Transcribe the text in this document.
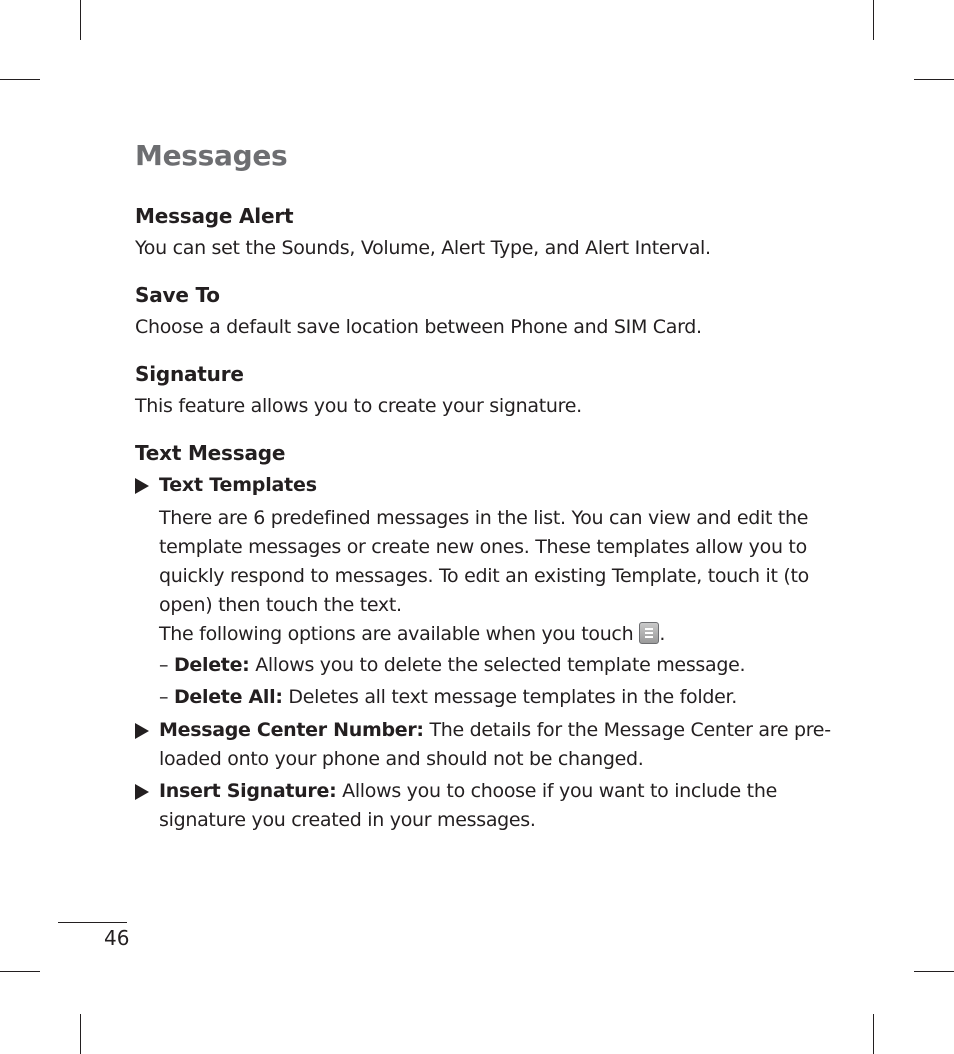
Messages
Message Alert
You can set the Sounds, Volume, Alert Type, and Alert Interval.
Save To
Choose a default save location between Phone and SIM Card.
Signature
This feature allows you to create your signature.
Text Message
Text Templates
There are 6 predefined messages in the list. You can view and edit the
template messages or create new ones. These templates allow you to
quickly respond to messages. To edit an existing Template, touch it (to
open) then touch the text.
The following options are available when you touch .
– Delete: Allows you to delete the selected template message.
– Delete All: Deletes all text message templates in the folder.
Message Center Number: The details for the Message Center are pre-
loaded onto your phone and should not be changed.
Insert Signature: Allows you to choose if you want to include the
signature you created in your messages.
46
